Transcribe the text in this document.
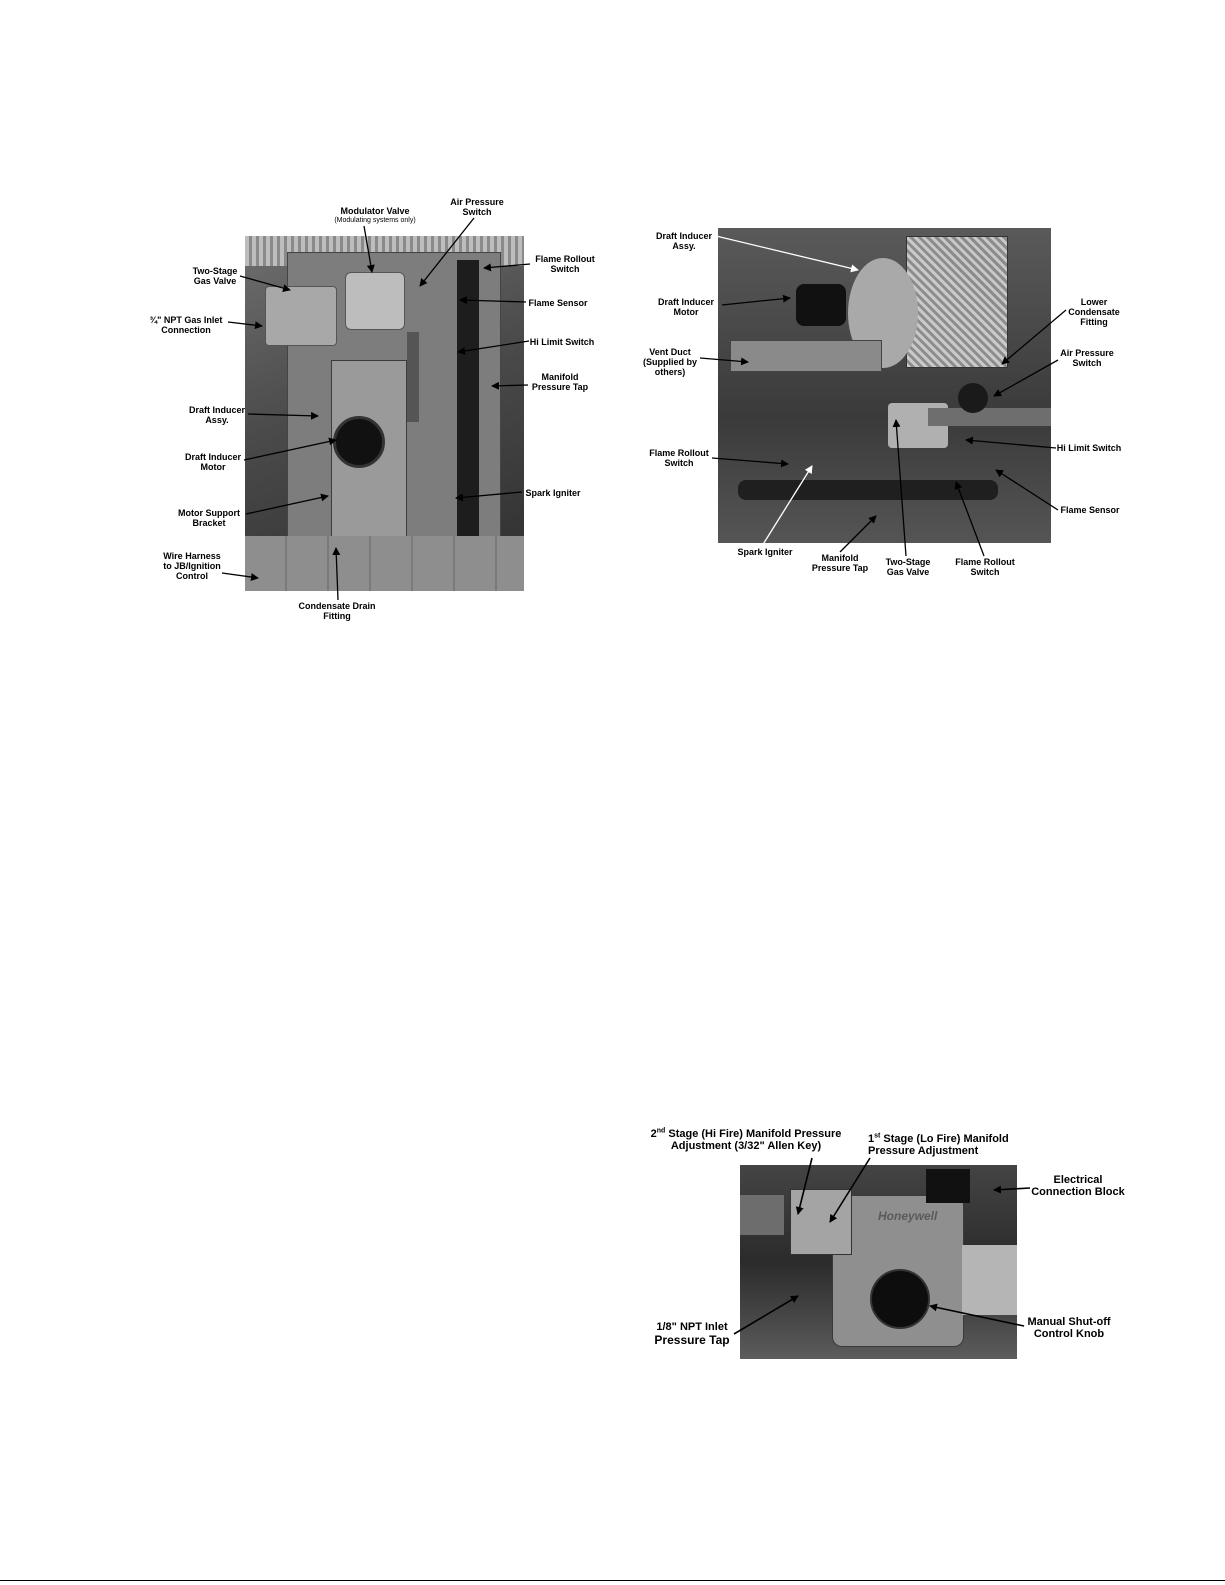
Modulator Valve
(Modulating systems only)
Air Pressure
Switch
Two-Stage
Gas Valve
Flame Rollout
Switch
¾" NPT Gas Inlet
Connection
Flame Sensor
Hi Limit Switch
Manifold
Pressure Tap
Draft Inducer
Assy.
Draft Inducer
Motor
Spark Igniter
Motor Support
Bracket
Wire Harness
to JB/Ignition
Control
Condensate Drain
Fitting
Draft Inducer
Assy.
Draft Inducer
Motor
Lower
Condensate
Fitting
Vent Duct
(Supplied by
others)
Air Pressure
Switch
Flame Rollout
Switch
Hi Limit Switch
Flame Sensor
Spark Igniter
Manifold
Pressure Tap
Two-Stage
Gas Valve
Flame Rollout
Switch
Honeywell
2nd Stage (Hi Fire) Manifold Pressure
Adjustment (3/32" Allen Key)
1st Stage (Lo Fire) Manifold
Pressure Adjustment
Electrical
Connection Block
1/8" NPT Inlet
Pressure Tap
Manual Shut-off
Control Knob
